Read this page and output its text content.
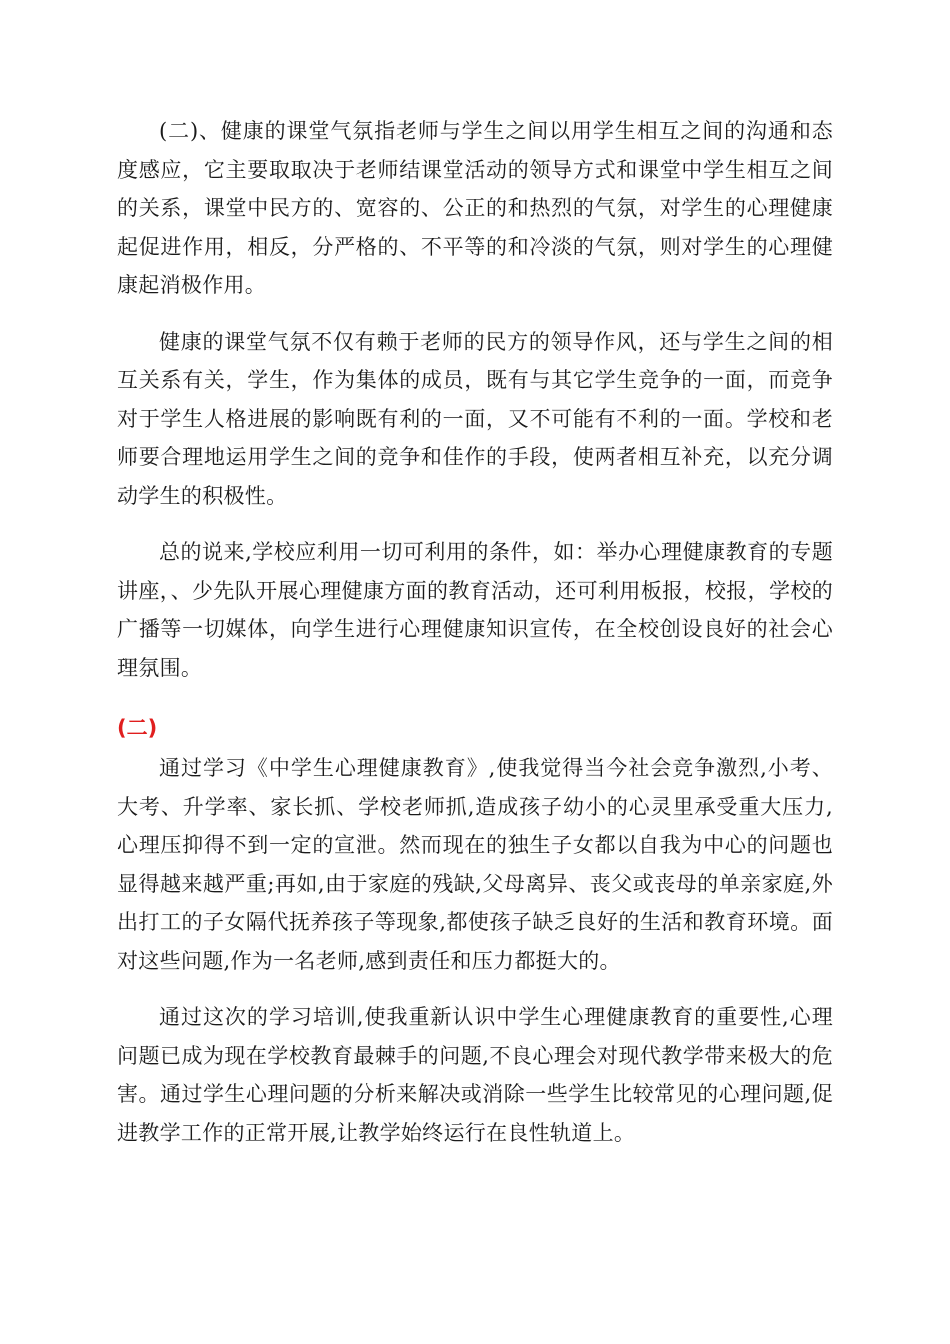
(二)、健康的课堂气氛指老师与学生之间以用学生相互之间的沟通和态度感应，它主要取取决于老师结课堂活动的领导方式和课堂中学生相互之间的关系，课堂中民方的、宽容的、公正的和热烈的气氛，对学生的心理健康起促进作用，相反，分严格的、不平等的和冷淡的气氛，则对学生的心理健康起消极作用。

健康的课堂气氛不仅有赖于老师的民方的领导作风，还与学生之间的相互关系有关，学生，作为集体的成员，既有与其它学生竞争的一面，而竞争对于学生人格进展的影响既有利的一面，又不可能有不利的一面。学校和老师要合理地运用学生之间的竞争和佳作的手段，使两者相互补充，以充分调动学生的积极性。

总的说来,学校应利用一切可利用的条件，如：举办心理健康教育的专题讲座，、少先队开展心理健康方面的教育活动，还可利用板报，校报，学校的广播等一切媒体，向学生进行心理健康知识宣传，在全校创设良好的社会心理氛围。

(二)

通过学习《中学生心理健康教育》,使我觉得当今社会竞争激烈,小考、大考、升学率、家长抓、学校老师抓,造成孩子幼小的心灵里承受重大压力,心理压抑得不到一定的宣泄。然而现在的独生子女都以自我为中心的问题也显得越来越严重;再如,由于家庭的残缺,父母离异、丧父或丧母的单亲家庭,外出打工的子女隔代抚养孩子等现象,都使孩子缺乏良好的生活和教育环境。面对这些问题,作为一名老师,感到责任和压力都挺大的。

通过这次的学习培训,使我重新认识中学生心理健康教育的重要性,心理问题已成为现在学校教育最棘手的问题,不良心理会对现代教学带来极大的危害。通过学生心理问题的分析来解决或消除一些学生比较常见的心理问题,促进教学工作的正常开展,让教学始终运行在良性轨道上。
